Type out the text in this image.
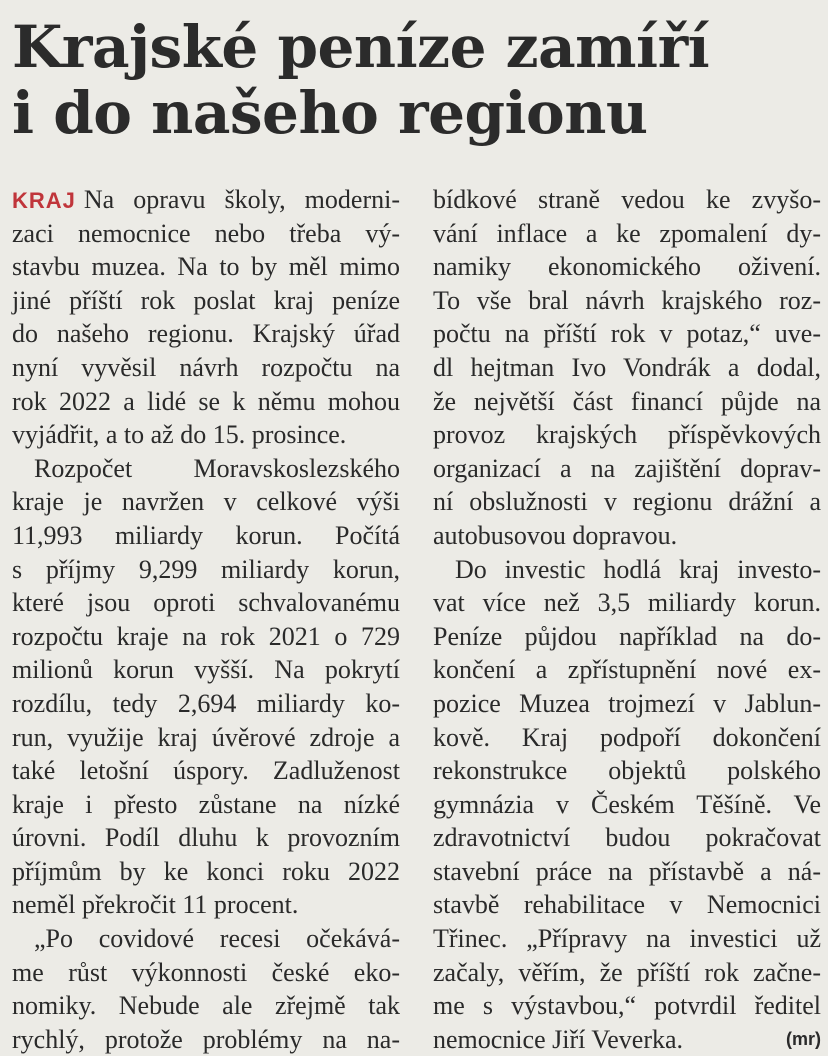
Krajské peníze zamíří
i do našeho regionu
KRAJ Na opravu školy, moderni-
zaci nemocnice nebo třeba vý-
stavbu muzea. Na to by měl mimo
jiné příští rok poslat kraj peníze
do našeho regionu. Krajský úřad
nyní vyvěsil návrh rozpočtu na
rok 2022 a lidé se k němu mohou
vyjádřit, a to až do 15. prosince.
Rozpočet Moravskoslezského
kraje je navržen v celkové výši
11,993 miliardy korun. Počítá
s příjmy 9,299 miliardy korun,
které jsou oproti schvalovanému
rozpočtu kraje na rok 2021 o 729
milionů korun vyšší. Na pokrytí
rozdílu, tedy 2,694 miliardy ko-
run, využije kraj úvěrové zdroje a
také letošní úspory. Zadluženost
kraje i přesto zůstane na nízké
úrovni. Podíl dluhu k provozním
příjmům by ke konci roku 2022
neměl překročit 11 procent.
„Po covidové recesi očekává-
me růst výkonnosti české eko-
nomiky. Nebude ale zřejmě tak
rychlý, protože problémy na na-
bídkové straně vedou ke zvyšo-
vání inflace a ke zpomalení dy-
namiky ekonomického oživení.
To vše bral návrh krajského roz-
počtu na příští rok v potaz,“ uve-
dl hejtman Ivo Vondrák a dodal,
že největší část financí půjde na
provoz krajských příspěvkových
organizací a na zajištění doprav-
ní obslužnosti v regionu drážní a
autobusovou dopravou.
Do investic hodlá kraj investo-
vat více než 3,5 miliardy korun.
Peníze půjdou například na do-
končení a zpřístupnění nové ex-
pozice Muzea trojmezí v Jablun-
kově. Kraj podpoří dokončení
rekonstrukce objektů polského
gymnázia v Českém Těšíně. Ve
zdravotnictví budou pokračovat
stavební práce na přístavbě a ná-
stavbě rehabilitace v Nemocnici
Třinec. „Přípravy na investici už
začaly, věřím, že příští rok začne-
me s výstavbou,“ potvrdil ředitel
nemocnice Jiří Veverka.	(mr)
